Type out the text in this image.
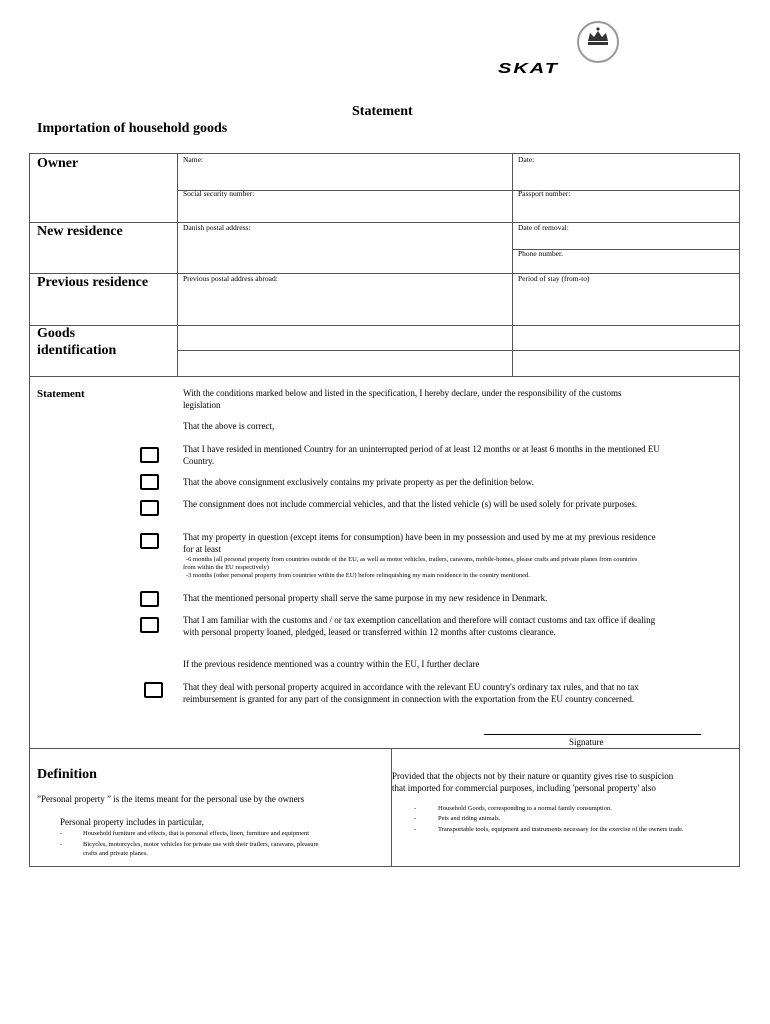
SKAT
Statement
Importation of household goods
Owner	Name:	Date:
Social security number:	Passport number:
New residence	Danish postal address:	Date of removal:
Phone number.
Previous residence	Previous postal address abroad:	Period of stay (from-to)
Goods
identification
Statement	With the conditions marked below and listed in the specification, I hereby declare, under the responsibility of the customs
legislation
That the above is correct,
That I have resided in mentioned Country for an uninterrupted period of at least 12 months or at least 6 months in the mentioned EU
Country.
That the above consignment exclusively contains my private property as per the definition below.
The consignment does not include commercial vehicles, and that the listed vehicle (s) will be used solely for private purposes.
That my property in question (except items for consumption) have been in my possession and used by me at my previous residence
for at least
-6 months (all personal property from countries outside of the EU, as well as motor vehicles, trailers, caravans, mobile-homes, please crafts and private planes from countries
from within the EU respectively)
-3 months (other personal property from countries within the EU) before relinquishing my main residence in the country mentioned.
That the mentioned personal property shall serve the same purpose in my new residence in Denmark.
That I am familiar with the customs and / or tax exemption cancellation and therefore will contact customs and tax office if dealing
with personal property loaned, pledged, leased or transferred within 12 months after customs clearance.
If the previous residence mentioned was a country within the EU, I further declare
That they deal with personal property acquired in accordance with the relevant EU country's ordinary tax rules, and that no tax
reimbursement is granted for any part of the consignment in connection with the exportation from the EU country concerned.
Signature
Definition
”Personal property ” is the items meant for the personal use by the owners
Personal property includes in particular,
-	Household furniture and effects, that is personal effects, linen, furniture and equipment
-	Bicycles, motorcycles, motor vehicles for private use with their trailers, caravans, pleasure
crafts and private planes.
Provided that the objects not by their nature or quantity gives rise to suspicion
that imported for commercial purposes, including 'personal property' also
-	Household Goods, corresponding to a normal family consumption.
-	Pets and riding animals.
-	Transportable tools, equipment and instruments necessary for the exercise of the owners trade.
